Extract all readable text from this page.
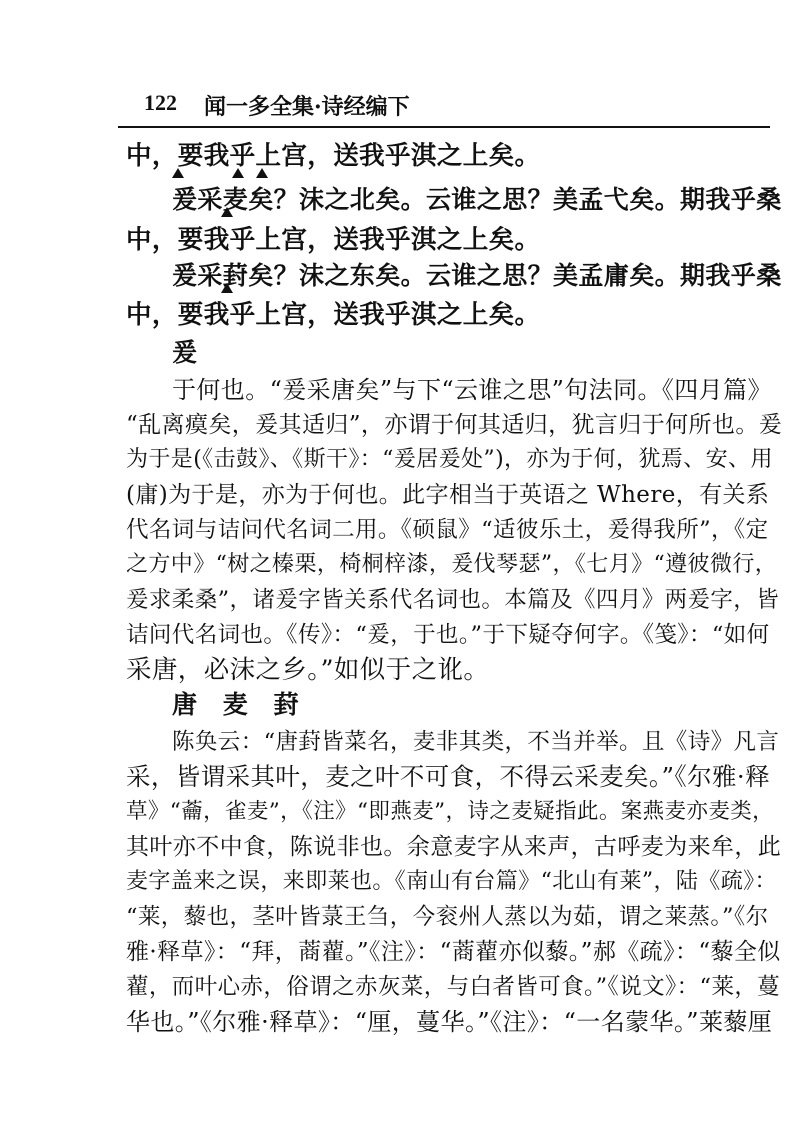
122 闻一多全集·诗经编下
中，要我乎上宫，送我乎淇之上矣。
爰采麦矣？沫之北矣。云谁之思？美孟弋矣。期我乎桑
中，要我乎上宫，送我乎淇之上矣。
爰采葑矣？沫之东矣。云谁之思？美孟庸矣。期我乎桑
中，要我乎上宫，送我乎淇之上矣。
爰
于何也。“爰采唐矣”与下“云谁之思”句法同。《四月篇》
“乱离瘼矣，爰其适归”，亦谓于何其适归，犹言归于何所也。爰
为于是(《击鼓》、《斯干》：“爰居爰处”)，亦为于何，犹焉、安、用
(庸)为于是，亦为于何也。此字相当于英语之 Where，有关系
代名词与诘问代名词二用。《硕鼠》“适彼乐土，爰得我所”，《定
之方中》“树之榛栗，椅桐梓漆，爰伐琴瑟”，《七月》“遵彼微行，
爰求柔桑”，诸爰字皆关系代名词也。本篇及《四月》两爰字，皆
诘问代名词也。《传》：“爰，于也。”于下疑夺何字。《笺》：“如何
采唐，必沫之乡。”如似于之讹。
唐　麦　葑
陈奂云：“唐葑皆菜名，麦非其类，不当并举。且《诗》凡言
采，皆谓采其叶，麦之叶不可食，不得云采麦矣。”《尔雅·释
草》“蘥，雀麦”，《注》“即燕麦”，诗之麦疑指此。案燕麦亦麦类，
其叶亦不中食，陈说非也。余意麦字从来声，古呼麦为来牟，此
麦字盖来之误，来即莱也。《南山有台篇》“北山有莱”，陆《疏》：
“莱，藜也，茎叶皆菉王刍，今衮州人蒸以为茹，谓之莱蒸。”《尔
雅·释草》：“拜，蔏藋。”《注》：“蔏藋亦似藜。”郝《疏》：“藜全似
藋，而叶心赤，俗谓之赤灰菜，与白者皆可食。”《说文》：“莱，蔓
华也。”《尔雅·释草》：“厘，蔓华。”《注》：“一名蒙华。”莱藜厘
